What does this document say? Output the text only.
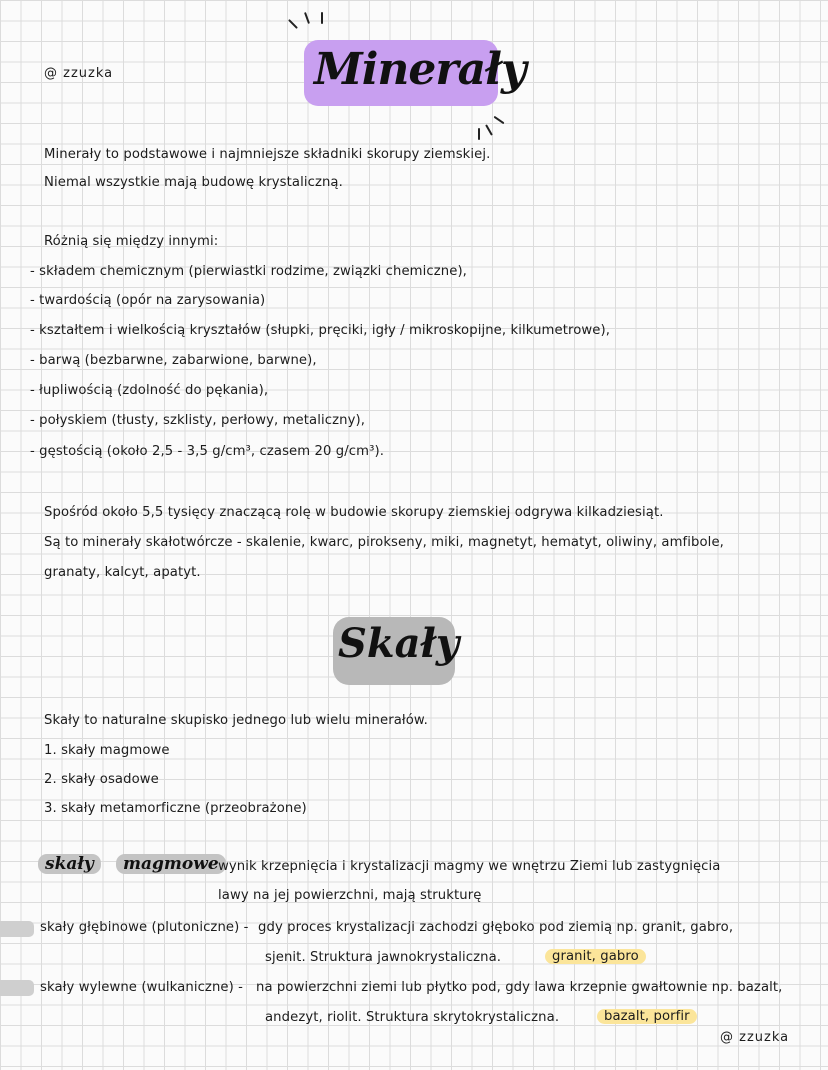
@ zzuzka	Minerały
Minerały to podstawowe i najmniejsze składniki skorupy ziemskiej.
Niemal wszystkie mają budowę krystaliczną.
Różnią się między innymi:
- składem chemicznym (pierwiastki rodzime, związki chemiczne),
- twardością (opór na zarysowania)
- kształtem i wielkością kryształów (słupki, pręciki, igły / mikroskopijne, kilkumetrowe),
- barwą (bezbarwne, zabarwione, barwne),
- łupliwością (zdolność do pękania),
- połyskiem (tłusty, szklisty, perłowy, metaliczny),
- gęstością (około 2,5 - 3,5 g/cm³, czasem 20 g/cm³).
Spośród około 5,5 tysięcy znaczącą rolę w budowie skorupy ziemskiej odgrywa kilkadziesiąt.
Są to minerały skałotwórcze - skalenie, kwarc, pirokseny, miki, magnetyt, hematyt, oliwiny, amfibole,
granaty, kalcyt, apatyt.
Skały
Skały to naturalne skupisko jednego lub wielu minerałów.
1. skały magmowe
2. skały osadowe
3. skały metamorficzne (przeobrażone)
skały	magmowe wynik krzepnięcia i krystalizacji magmy we wnętrzu Ziemi lub zastygnięcia
lawy na jej powierzchni, mają strukturę
skały głębinowe (plutoniczne) - gdy proces krystalizacji zachodzi głęboko pod ziemią np. granit, gabro,
sjenit. Struktura jawnokrystaliczna.	granit, gabro
skały wylewne (wulkaniczne) - na powierzchni ziemi lub płytko pod, gdy lawa krzepnie gwałtownie np. bazalt,
andezyt, riolit. Struktura skrytokrystaliczna.	bazalt, porfir
@ zzuzka
